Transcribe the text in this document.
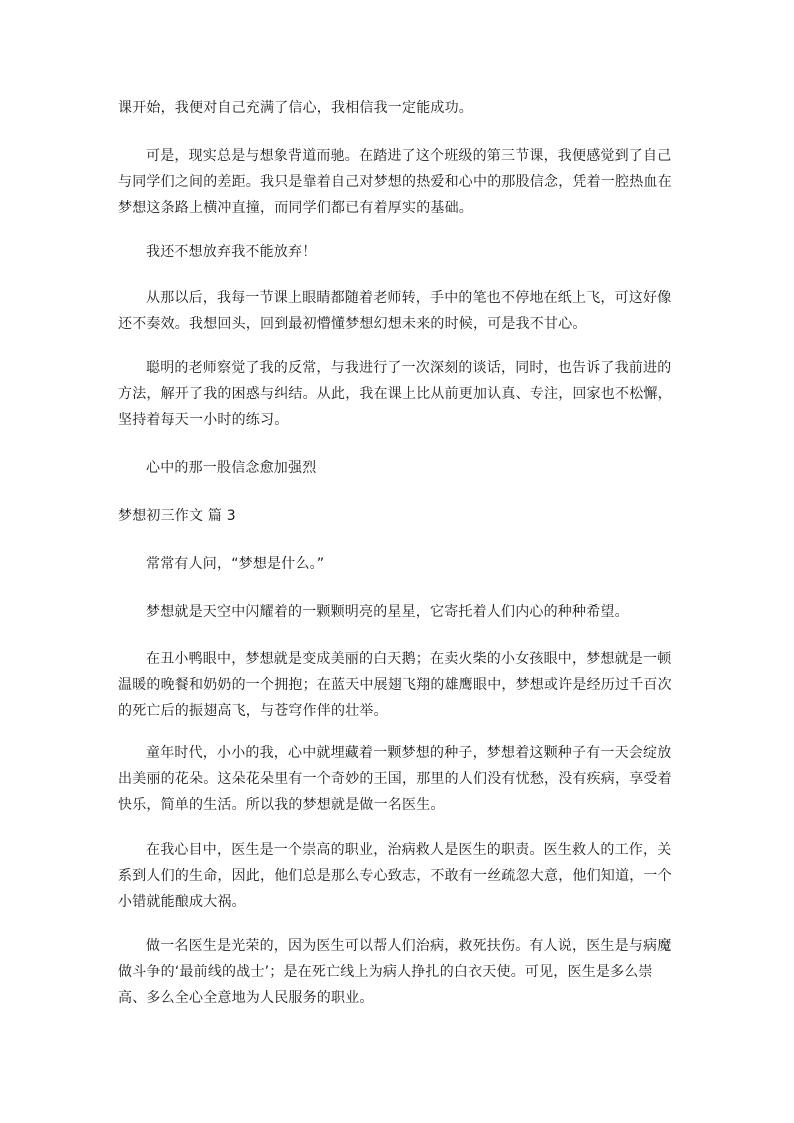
课开始，我便对自己充满了信心，我相信我一定能成功。

可是，现实总是与想象背道而驰。在踏进了这个班级的第三节课，我便感觉到了自己与同学们之间的差距。我只是靠着自己对梦想的热爱和心中的那股信念，凭着一腔热血在梦想这条路上横冲直撞，而同学们都已有着厚实的基础。

我还不想放弃我不能放弃！

从那以后，我每一节课上眼睛都随着老师转，手中的笔也不停地在纸上飞，可这好像还不奏效。我想回头，回到最初懵懂梦想幻想未来的时候，可是我不甘心。

聪明的老师察觉了我的反常，与我进行了一次深刻的谈话，同时，也告诉了我前进的方法，解开了我的困惑与纠结。从此，我在课上比从前更加认真、专注，回家也不松懈，坚持着每天一小时的练习。

心中的那一股信念愈加强烈

梦想初三作文 篇 3

常常有人问，“梦想是什么。”

梦想就是天空中闪耀着的一颗颗明亮的星星，它寄托着人们内心的种种希望。

在丑小鸭眼中，梦想就是变成美丽的白天鹅；在卖火柴的小女孩眼中，梦想就是一顿温暖的晚餐和奶奶的一个拥抱；在蓝天中展翅飞翔的雄鹰眼中，梦想或许是经历过千百次的死亡后的振翅高飞，与苍穹作伴的壮举。

童年时代，小小的我，心中就埋藏着一颗梦想的种子，梦想着这颗种子有一天会绽放出美丽的花朵。这朵花朵里有一个奇妙的王国，那里的人们没有忧愁，没有疾病，享受着快乐，简单的生活。所以我的梦想就是做一名医生。

在我心目中，医生是一个崇高的职业，治病救人是医生的职责。医生救人的工作，关系到人们的生命，因此，他们总是那么专心致志，不敢有一丝疏忽大意，他们知道，一个小错就能酿成大祸。

做一名医生是光荣的，因为医生可以帮人们治病，救死扶伤。有人说，医生是与病魔做斗争的‘最前线的战士’；是在死亡线上为病人挣扎的白衣天使。可见，医生是多么崇高、多么全心全意地为人民服务的职业。
